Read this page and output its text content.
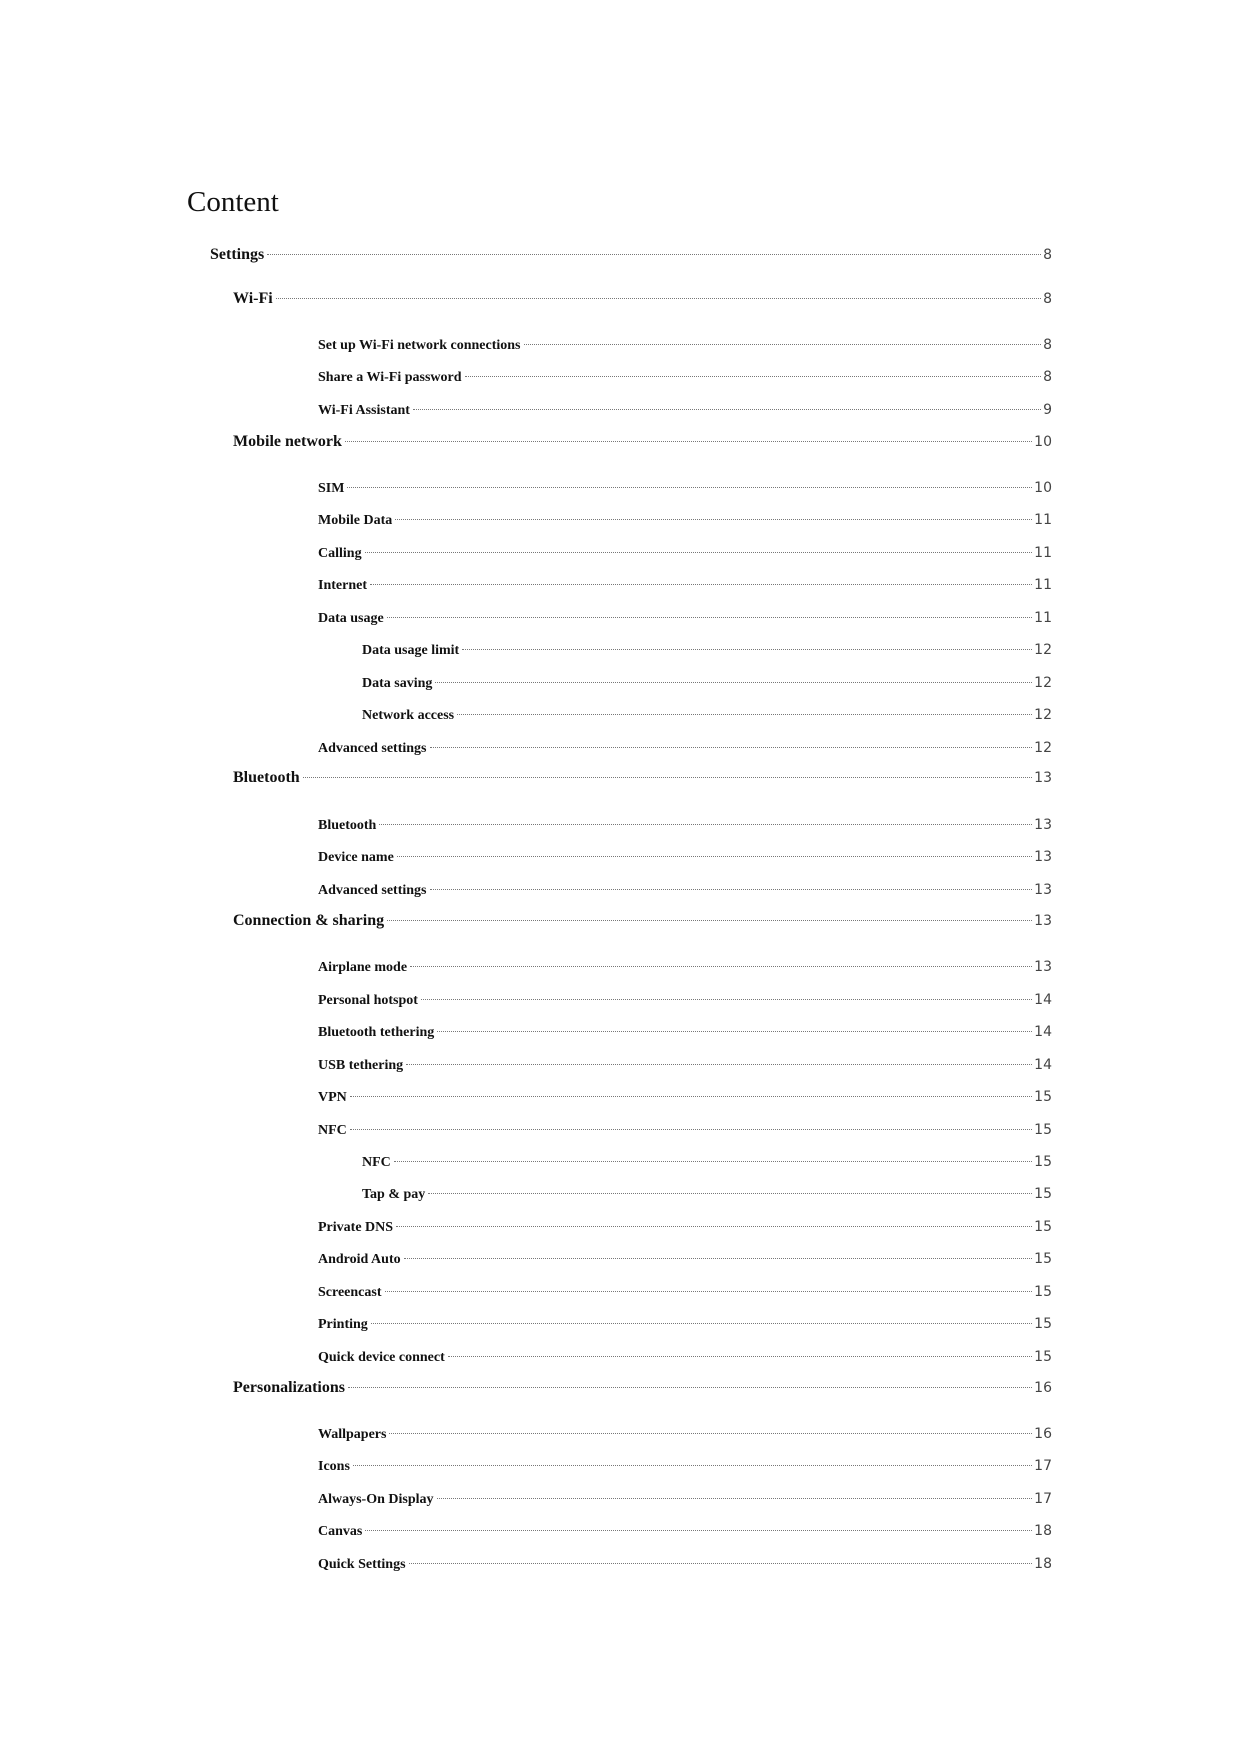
Content
Settings	8
Wi-Fi	8
Set up Wi-Fi network connections	8
Share a Wi-Fi password	8
Wi-Fi Assistant	9
Mobile network	10
SIM	10
Mobile Data	11
Calling	11
Internet	11
Data usage	11
Data usage limit	12
Data saving	12
Network access	12
Advanced settings	12
Bluetooth	13
Bluetooth	13
Device name	13
Advanced settings	13
Connection & sharing	13
Airplane mode	13
Personal hotspot	14
Bluetooth tethering	14
USB tethering	14
VPN	15
NFC	15
NFC	15
Tap & pay	15
Private DNS	15
Android Auto	15
Screencast	15
Printing	15
Quick device connect	15
Personalizations	16
Wallpapers	16
Icons	17
Always-On Display	17
Canvas	18
Quick Settings	18
